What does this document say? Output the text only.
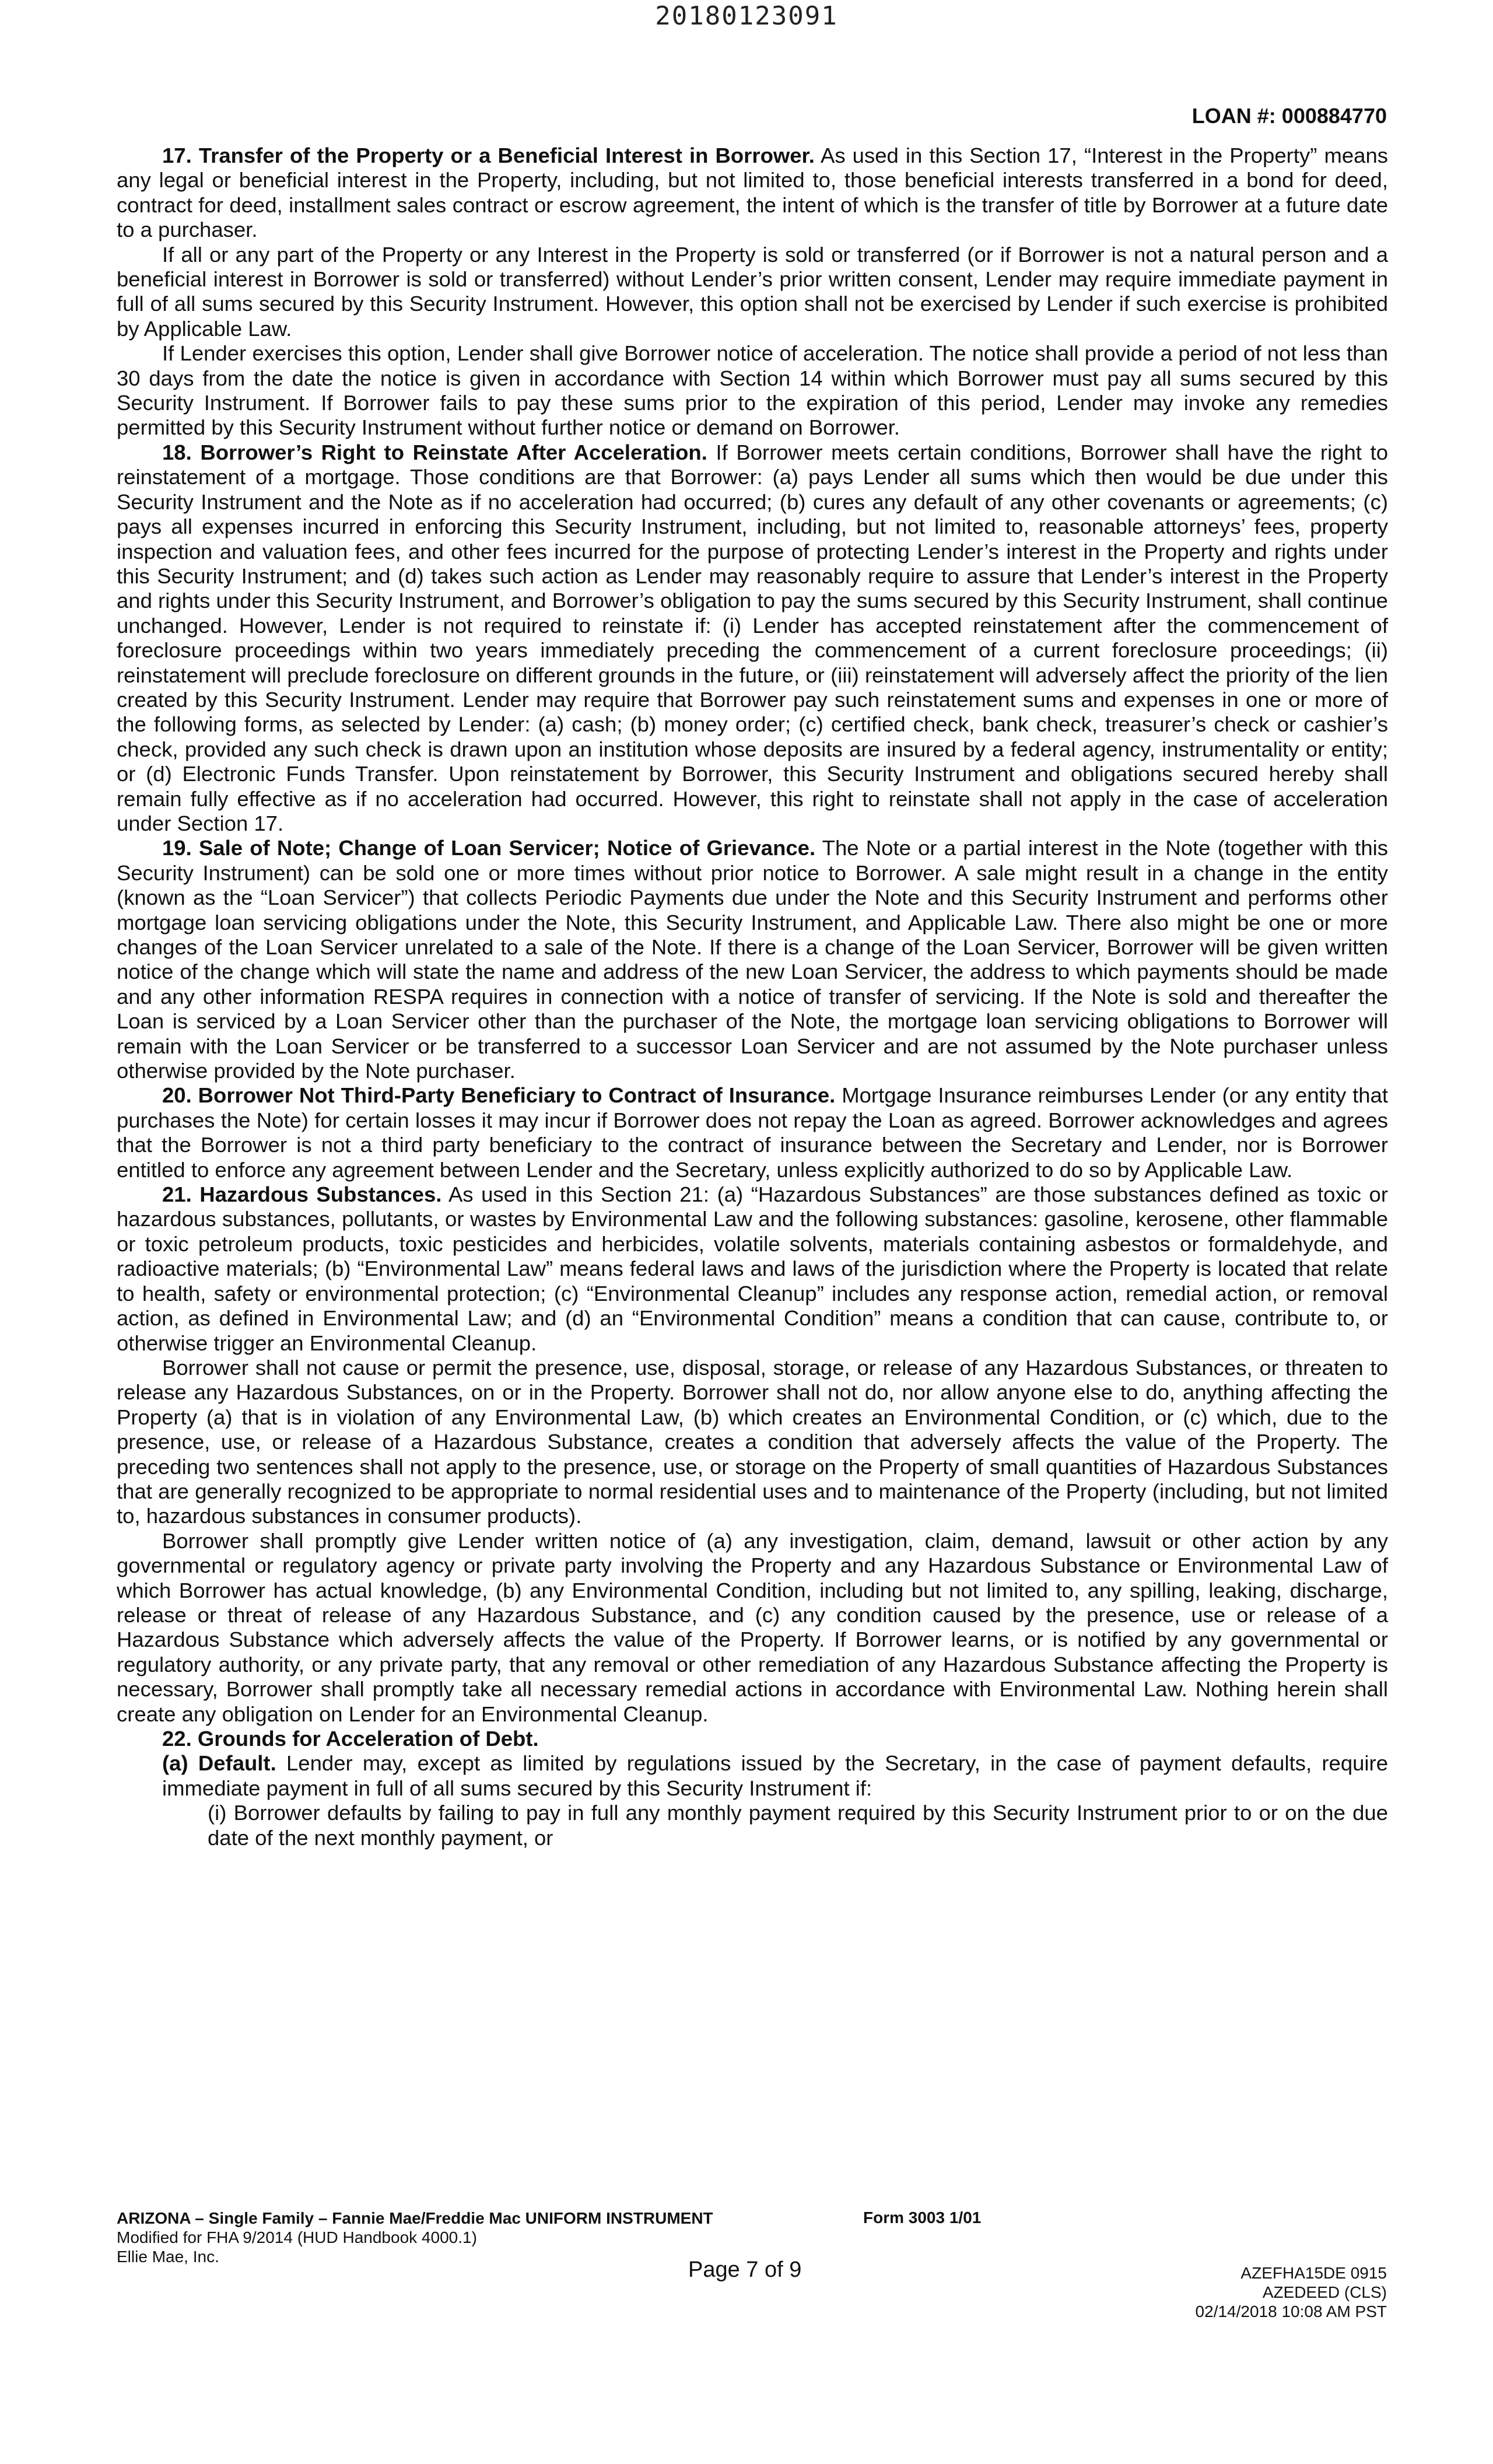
20180123091
LOAN #: 000884770

17. Transfer of the Property or a Beneficial Interest in Borrower. As used in this Section 17, “Interest in the Property” means any legal or beneficial interest in the Property, including, but not limited to, those beneficial interests transferred in a bond for deed, contract for deed, installment sales contract or escrow agreement, the intent of which is the transfer of title by Borrower at a future date to a purchaser.

If all or any part of the Property or any Interest in the Property is sold or transferred (or if Borrower is not a natural person and a beneficial interest in Borrower is sold or transferred) without Lender’s prior written consent, Lender may require immediate payment in full of all sums secured by this Security Instrument. However, this option shall not be exercised by Lender if such exercise is prohibited by Applicable Law.

If Lender exercises this option, Lender shall give Borrower notice of acceleration. The notice shall provide a period of not less than 30 days from the date the notice is given in accordance with Section 14 within which Borrower must pay all sums secured by this Security Instrument. If Borrower fails to pay these sums prior to the expiration of this period, Lender may invoke any remedies permitted by this Security Instrument without further notice or demand on Borrower.

18. Borrower’s Right to Reinstate After Acceleration. If Borrower meets certain conditions, Borrower shall have the right to reinstatement of a mortgage. Those conditions are that Borrower: (a) pays Lender all sums which then would be due under this Security Instrument and the Note as if no acceleration had occurred; (b) cures any default of any other covenants or agreements; (c) pays all expenses incurred in enforcing this Security Instrument, including, but not limited to, reasonable attorneys’ fees, property inspection and valuation fees, and other fees incurred for the purpose of protecting Lender’s interest in the Property and rights under this Security Instrument; and (d) takes such action as Lender may reasonably require to assure that Lender’s interest in the Property and rights under this Security Instrument, and Borrower’s obligation to pay the sums secured by this Security Instrument, shall continue unchanged. However, Lender is not required to reinstate if: (i) Lender has accepted reinstatement after the commencement of foreclosure proceedings within two years immediately preceding the commencement of a current foreclosure proceedings; (ii) reinstatement will preclude foreclosure on different grounds in the future, or (iii) reinstatement will adversely affect the priority of the lien created by this Security Instrument. Lender may require that Borrower pay such reinstatement sums and expenses in one or more of the following forms, as selected by Lender: (a) cash; (b) money order; (c) certified check, bank check, treasurer’s check or cashier’s check, provided any such check is drawn upon an institution whose deposits are insured by a federal agency, instrumentality or entity; or (d) Electronic Funds Transfer. Upon reinstatement by Borrower, this Security Instrument and obligations secured hereby shall remain fully effective as if no acceleration had occurred. However, this right to reinstate shall not apply in the case of acceleration under Section 17.

19. Sale of Note; Change of Loan Servicer; Notice of Grievance. The Note or a partial interest in the Note (together with this Security Instrument) can be sold one or more times without prior notice to Borrower. A sale might result in a change in the entity (known as the “Loan Servicer”) that collects Periodic Payments due under the Note and this Security Instrument and performs other mortgage loan servicing obligations under the Note, this Security Instrument, and Applicable Law. There also might be one or more changes of the Loan Servicer unrelated to a sale of the Note. If there is a change of the Loan Servicer, Borrower will be given written notice of the change which will state the name and address of the new Loan Servicer, the address to which payments should be made and any other information RESPA requires in connection with a notice of transfer of servicing. If the Note is sold and thereafter the Loan is serviced by a Loan Servicer other than the purchaser of the Note, the mortgage loan servicing obligations to Borrower will remain with the Loan Servicer or be transferred to a successor Loan Servicer and are not assumed by the Note purchaser unless otherwise provided by the Note purchaser.

20. Borrower Not Third-Party Beneficiary to Contract of Insurance. Mortgage Insurance reimburses Lender (or any entity that purchases the Note) for certain losses it may incur if Borrower does not repay the Loan as agreed. Borrower acknowledges and agrees that the Borrower is not a third party beneficiary to the contract of insurance between the Secretary and Lender, nor is Borrower entitled to enforce any agreement between Lender and the Secretary, unless explicitly authorized to do so by Applicable Law.

21. Hazardous Substances. As used in this Section 21: (a) “Hazardous Substances” are those substances defined as toxic or hazardous substances, pollutants, or wastes by Environmental Law and the following substances: gasoline, kerosene, other flammable or toxic petroleum products, toxic pesticides and herbicides, volatile solvents, materials containing asbestos or formaldehyde, and radioactive materials; (b) “Environmental Law” means federal laws and laws of the jurisdiction where the Property is located that relate to health, safety or environmental protection; (c) “Environmental Cleanup” includes any response action, remedial action, or removal action, as defined in Environmental Law; and (d) an “Environmental Condition” means a condition that can cause, contribute to, or otherwise trigger an Environmental Cleanup.

Borrower shall not cause or permit the presence, use, disposal, storage, or release of any Hazardous Substances, or threaten to release any Hazardous Substances, on or in the Property. Borrower shall not do, nor allow anyone else to do, anything affecting the Property (a) that is in violation of any Environmental Law, (b) which creates an Environmental Condition, or (c) which, due to the presence, use, or release of a Hazardous Substance, creates a condition that adversely affects the value of the Property. The preceding two sentences shall not apply to the presence, use, or storage on the Property of small quantities of Hazardous Substances that are generally recognized to be appropriate to normal residential uses and to maintenance of the Property (including, but not limited to, hazardous substances in consumer products).

Borrower shall promptly give Lender written notice of (a) any investigation, claim, demand, lawsuit or other action by any governmental or regulatory agency or private party involving the Property and any Hazardous Substance or Environmental Law of which Borrower has actual knowledge, (b) any Environmental Condition, including but not limited to, any spilling, leaking, discharge, release or threat of release of any Hazardous Substance, and (c) any condition caused by the presence, use or release of a Hazardous Substance which adversely affects the value of the Property. If Borrower learns, or is notified by any governmental or regulatory authority, or any private party, that any removal or other remediation of any Hazardous Substance affecting the Property is necessary, Borrower shall promptly take all necessary remedial actions in accordance with Environmental Law. Nothing herein shall create any obligation on Lender for an Environmental Cleanup.

22. Grounds for Acceleration of Debt.

(a) Default. Lender may, except as limited by regulations issued by the Secretary, in the case of payment defaults, require immediate payment in full of all sums secured by this Security Instrument if:

(i) Borrower defaults by failing to pay in full any monthly payment required by this Security Instrument prior to or on the due date of the next monthly payment, or

ARIZONA – Single Family – Fannie Mae/Freddie Mac UNIFORM INSTRUMENT
Modified for FHA 9/2014 (HUD Handbook 4000.1)
Ellie Mae, Inc.
Form 3003 1/01
Page 7 of 9	AZEFHA15DE 0915
AZEDEED (CLS)
02/14/2018 10:08 AM PST
